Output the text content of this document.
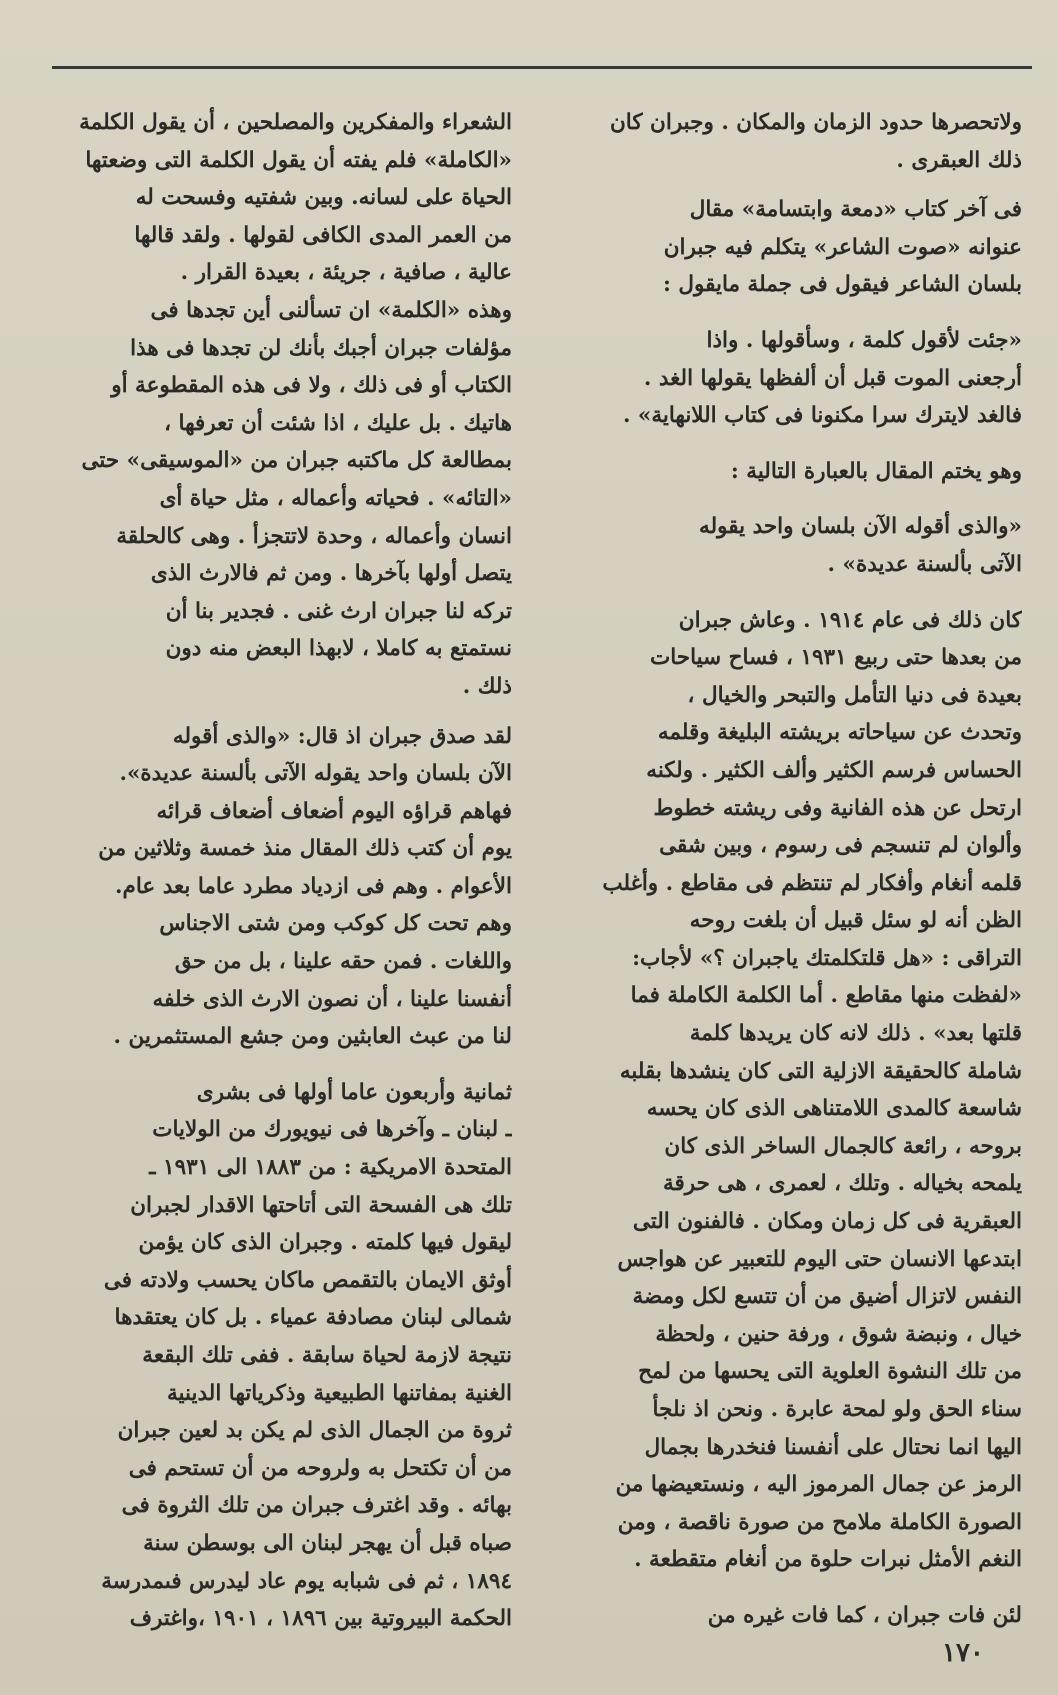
ولاتحصرها حدود الزمان والمكان . وجبران كان
ذلك العبقرى .

فى آخر كتاب «دمعة وابتسامة» مقال
عنوانه «صوت الشاعر» يتكلم فيه جبران
بلسان الشاعر فيقول فى جملة مايقول :

«جئت لأقول كلمة ، وسأقولها . واذا
أرجعنى الموت قبل أن ألفظها يقولها الغد .
فالغد لايترك سرا مكنونا فى كتاب اللانهاية» .

وهو يختم المقال بالعبارة التالية :

«والذى أقوله الآن بلسان واحد يقوله
الآتى بألسنة عديدة» .

كان ذلك فى عام ١٩١٤ . وعاش جبران
من بعدها حتى ربيع ١٩٣١ ، فساح سياحات
بعيدة فى دنيا التأمل والتبحر والخيال ،
وتحدث عن سياحاته بريشته البليغة وقلمه
الحساس فرسم الكثير وألف الكثير . ولكنه
ارتحل عن هذه الفانية وفى ريشته خطوط
وألوان لم تنسجم فى رسوم ، وبين شقى
قلمه أنغام وأفكار لم تنتظم فى مقاطع . وأغلب
الظن أنه لو سئل قبيل أن بلغت روحه
التراقى : «هل قلتكلمتك ياجبران ؟» لأجاب:
«لفظت منها مقاطع . أما الكلمة الكاملة فما
قلتها بعد» . ذلك لانه كان يريدها كلمة
شاملة كالحقيقة الازلية التى كان ينشدها بقلبه
شاسعة كالمدى اللامتناهى الذى كان يحسه
بروحه ، رائعة كالجمال الساخر الذى كان
يلمحه بخياله . وتلك ، لعمرى ، هى حرقة
العبقرية فى كل زمان ومكان . فالفنون التى
ابتدعها الانسان حتى اليوم للتعبير عن هواجس
النفس لاتزال أضيق من أن تتسع لكل ومضة
خيال ، ونبضة شوق ، ورفة حنين ، ولحظة
من تلك النشوة العلوية التى يحسها من لمح
سناء الحق ولو لمحة عابرة . ونحن اذ نلجأ
اليها انما نحتال على أنفسنا فنخدرها بجمال
الرمز عن جمال المرموز اليه ، ونستعيضها من
الصورة الكاملة ملامح من صورة ناقصة ، ومن
النغم الأمثل نبرات حلوة من أنغام متقطعة .

لئن فات جبران ، كما فات غيره من

الشعراء والمفكرين والمصلحين ، أن يقول الكلمة
«الكاملة» فلم يفته أن يقول الكلمة التى وضعتها
الحياة على لسانه. وبين شفتيه وفسحت له
من العمر المدى الكافى لقولها . ولقد قالها
عالية ، صافية ، جريئة ، بعيدة القرار .
وهذه «الكلمة» ان تسألنى أين تجدها فى
مؤلفات جبران أجبك بأنك لن تجدها فى هذا
الكتاب أو فى ذلك ، ولا فى هذه المقطوعة أو
هاتيك . بل عليك ، اذا شئت أن تعرفها ،
بمطالعة كل ماكتبه جبران من «الموسيقى» حتى
«التائه» . فحياته وأعماله ، مثل حياة أى
انسان وأعماله ، وحدة لاتتجزأ . وهى كالحلقة
يتصل أولها بآخرها . ومن ثم فالارث الذى
تركه لنا جبران ارث غنى . فجدير بنا أن
نستمتع به كاملا ، لابهذا البعض منه دون
ذلك .

لقد صدق جبران اذ قال: «والذى أقوله
الآن بلسان واحد يقوله الآتى بألسنة عديدة».
فهاهم قراؤه اليوم أضعاف أضعاف قرائه
يوم أن كتب ذلك المقال منذ خمسة وثلاثين من
الأعوام . وهم فى ازدياد مطرد عاما بعد عام.
وهم تحت كل كوكب ومن شتى الاجناس
واللغات . فمن حقه علينا ، بل من حق
أنفسنا علينا ، أن نصون الارث الذى خلفه
لنا من عبث العابثين ومن جشع المستثمرين .

ثمانية وأربعون عاما أولها فى بشرى
ـ لبنان ـ وآخرها فى نيويورك من الولايات
المتحدة الامريكية : من ١٨٨٣ الى ١٩٣١ ـ
تلك هى الفسحة التى أتاحتها الاقدار لجبران
ليقول فيها كلمته . وجبران الذى كان يؤمن
أوثق الايمان بالتقمص ماكان يحسب ولادته فى
شمالى لبنان مصادفة عمياء . بل كان يعتقدها
نتيجة لازمة لحياة سابقة . ففى تلك البقعة
الغنية بمفاتنها الطبيعية وذكرياتها الدينية
ثروة من الجمال الذى لم يكن بد لعين جبران
من أن تكتحل به ولروحه من أن تستحم فى
بهائه . وقد اغترف جبران من تلك الثروة فى
صباه قبل أن يهجر لبنان الى بوسطن سنة
١٨٩٤ ، ثم فى شبابه يوم عاد ليدرس فىمدرسة
الحكمة البيروتية بين ١٨٩٦ ، ١٩٠١ ،واغترف

١٧٠
